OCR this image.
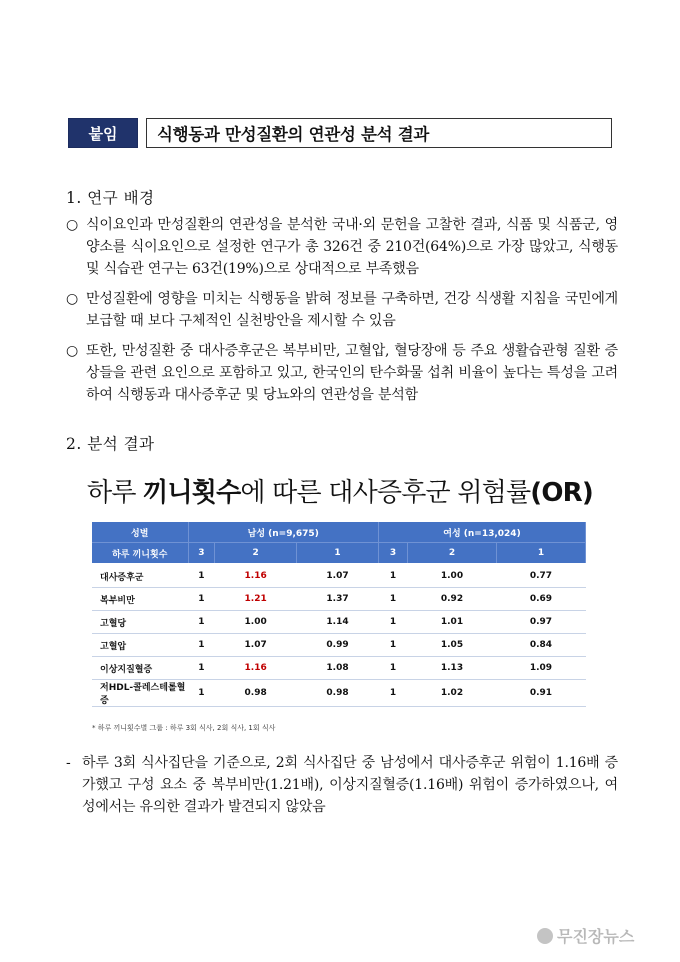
붙임	식행동과 만성질환의 연관성 분석 결과
1. 연구 배경
○ 식이요인과 만성질환의 연관성을 분석한 국내·외 문헌을 고찰한 결과, 식품 및 식품군, 영양소를 식이요인으로 설정한 연구가 총 326건 중 210건(64%)으로 가장 많았고, 식행동 및 식습관 연구는 63건(19%)으로 상대적으로 부족했음
○ 만성질환에 영향을 미치는 식행동을 밝혀 정보를 구축하면, 건강 식생활 지침을 국민에게 보급할 때 보다 구체적인 실천방안을 제시할 수 있음
○ 또한, 만성질환 중 대사증후군은 복부비만, 고혈압, 혈당장애 등 주요 생활습관형 질환 증상들을 관련 요인으로 포함하고 있고, 한국인의 탄수화물 섭취 비율이 높다는 특성을 고려하여 식행동과 대사증후군 및 당뇨와의 연관성을 분석함
2. 분석 결과
하루 끼니횟수에 따른 대사증후군 위험률(OR)
성별	남성 (n=9,675)			여성 (n=13,024)		
하루 끼니횟수	3	2	1	3	2	1

대사증후군	1	1.16	1.07	1	1.00	0.77
복부비만	1	1.21	1.37	1	0.92	0.69
고혈당	1	1.00	1.14	1	1.01	0.97
고혈압	1	1.07	0.99	1	1.05	0.84
이상지질혈증	1	1.16	1.08	1	1.13	1.09
저HDL-콜레스테롤혈증	1	0.98	0.98	1	1.02	0.91
* 하루 끼니횟수별 그룹 : 하루 3회 식사, 2회 식사, 1회 식사
- 하루 3회 식사집단을 기준으로, 2회 식사집단 중 남성에서 대사증후군 위험이 1.16배 증가했고 구성 요소 중 복부비만(1.21배), 이상지질혈증(1.16배) 위험이 증가하였으나, 여성에서는 유의한 결과가 발견되지 않았음
무진장뉴스
